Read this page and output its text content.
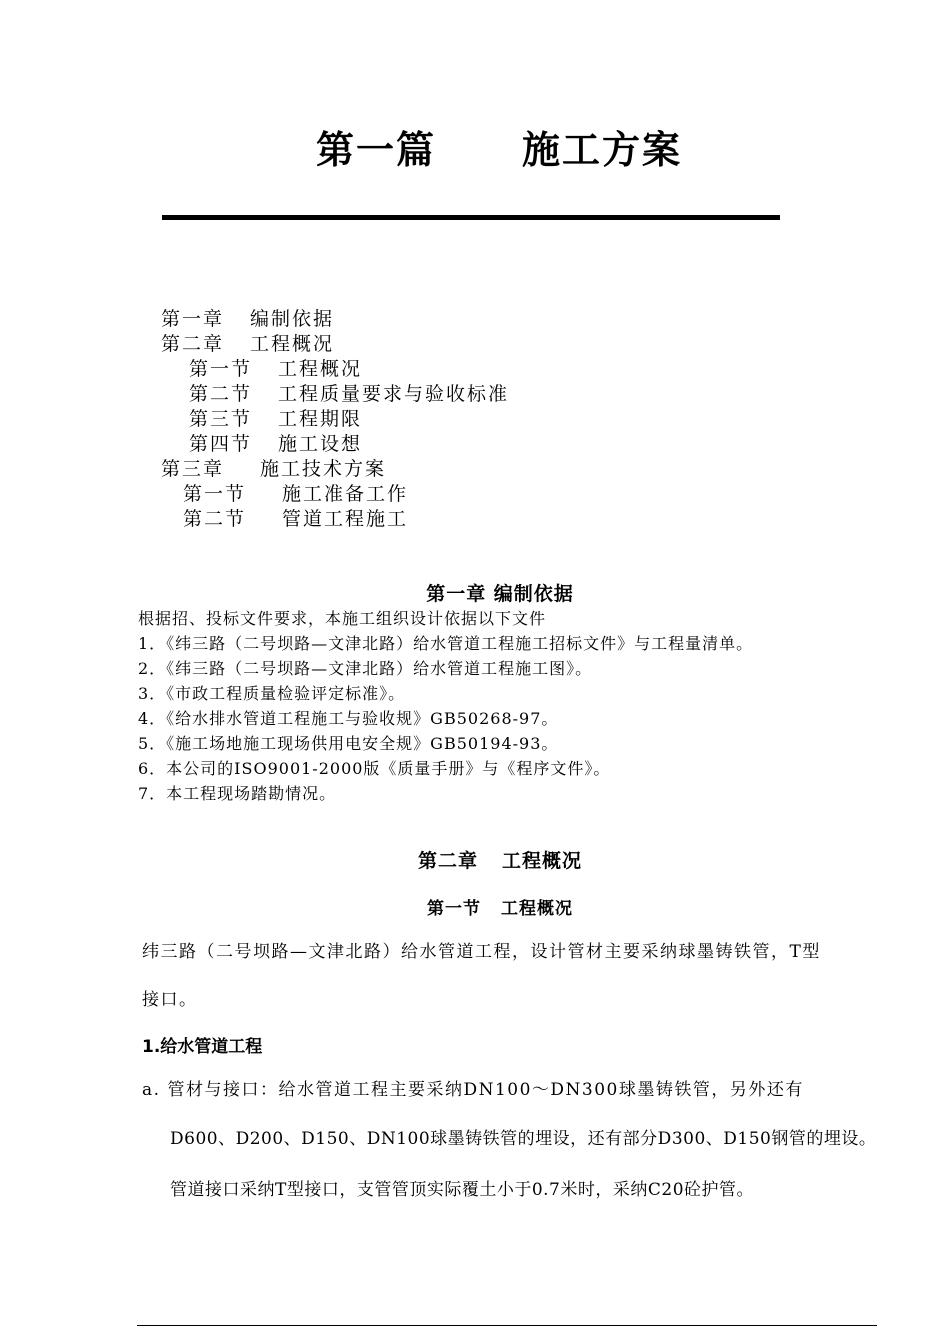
第一篇 施工方案
第一章 编制依据
第二章 工程概况
第一节 工程概况
第二节 工程质量要求与验收标准
第三节 工程期限
第四节 施工设想
第三章 施工技术方案
第一节 施工准备工作
第二节 管道工程施工
第一章 编制依据
根据招、投标文件要求，本施工组织设计依据以下文件
1．《纬三路（二号坝路—文津北路）给水管道工程施工招标文件》与工程量清单。
2．《纬三路（二号坝路—文津北路）给水管道工程施工图》。
3．《市政工程质量检验评定标准》。
4．《给水排水管道工程施工与验收规》GB50268-97。
5．《施工场地施工现场供用电安全规》GB50194-93。
6．本公司的ISO9001-2000版《质量手册》与《程序文件》。
7．本工程现场踏勘情况。
第二章 工程概况
第一节 工程概况
纬三路（二号坝路—文津北路）给水管道工程，设计管材主要采纳球墨铸铁管，T型
接口。
1.给水管道工程
a. 管材与接口：给水管道工程主要采纳DN100～DN300球墨铸铁管，另外还有
D600、D200、D150、DN100球墨铸铁管的埋设，还有部分D300、D150钢管的埋设。
管道接口采纳T型接口，支管管顶实际覆土小于0.7米时，采纳C20砼护管。
